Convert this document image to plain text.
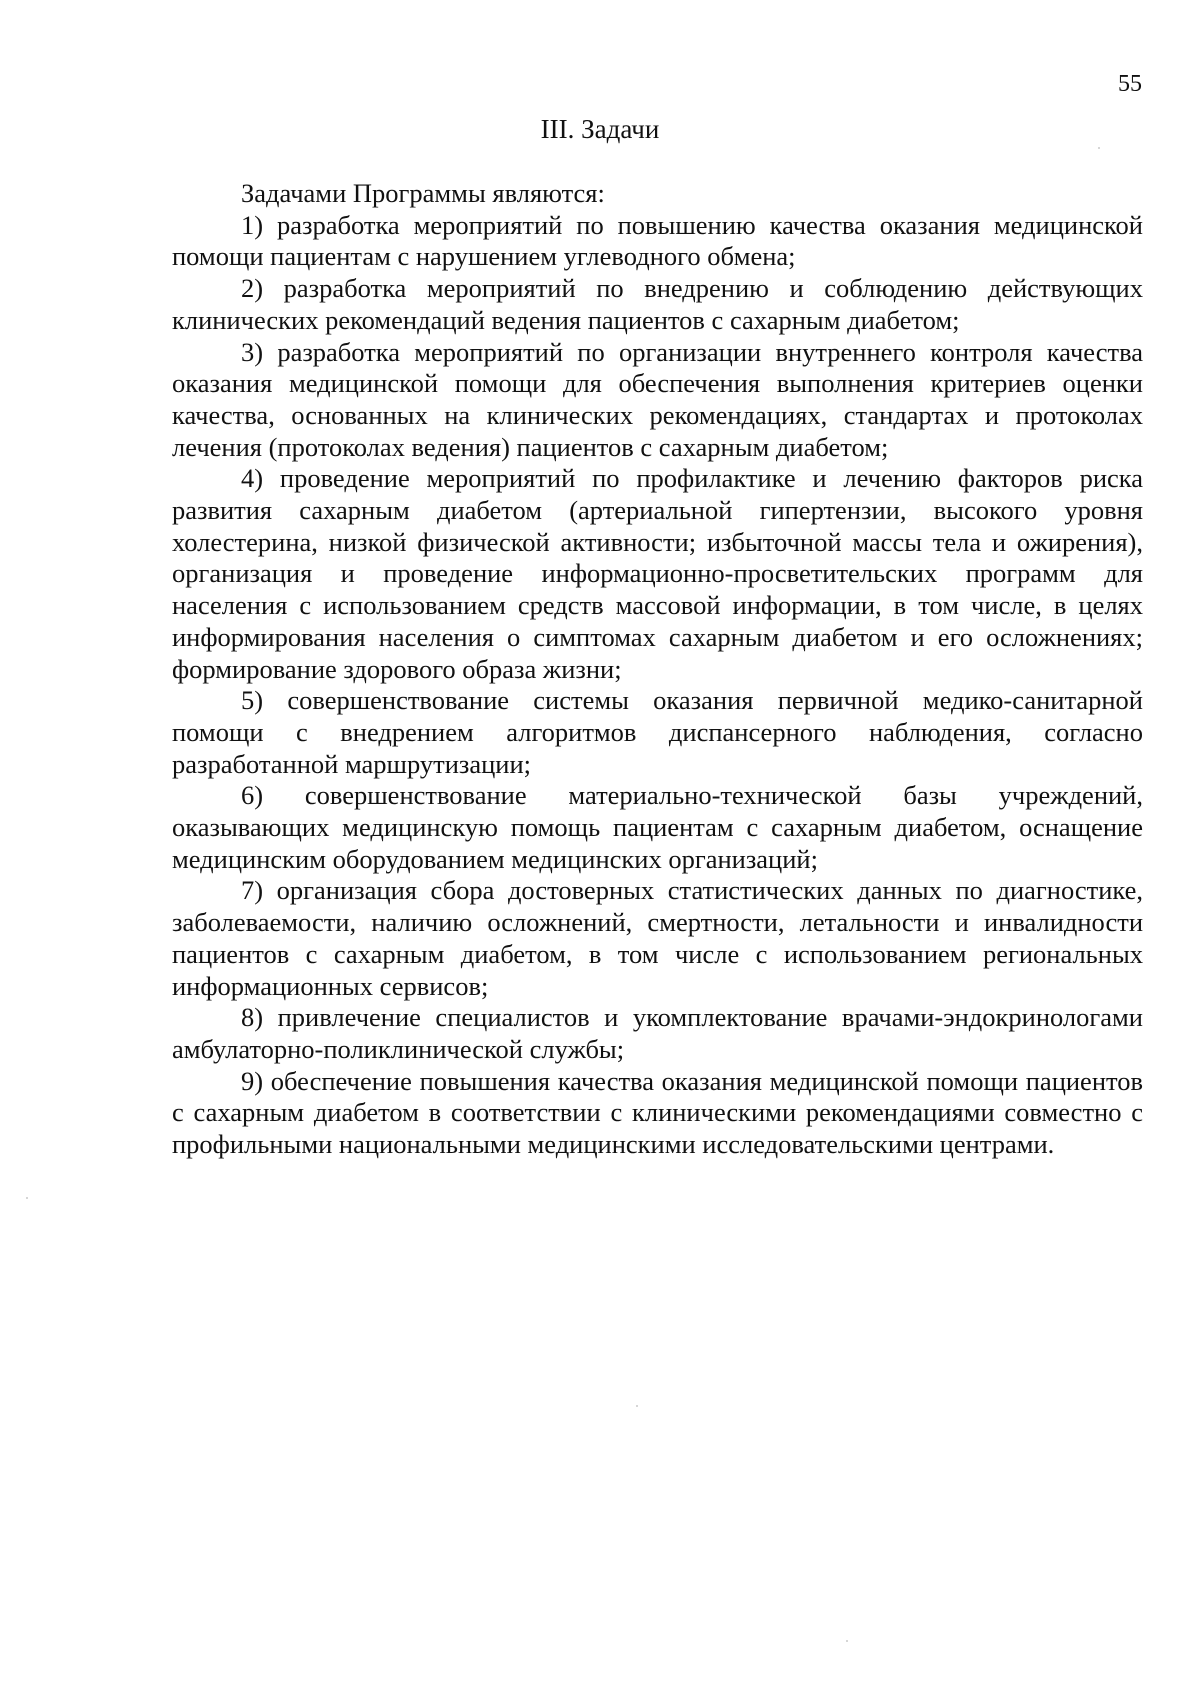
55
III. Задачи

Задачами Программы являются:

1) разработка мероприятий по повышению качества оказания медицинской помощи пациентам с нарушением углеводного обмена;

2) разработка мероприятий по внедрению и соблюдению действующих клинических рекомендаций ведения пациентов с сахарным диабетом;

3) разработка мероприятий по организации внутреннего контроля качества оказания медицинской помощи для обеспечения выполнения критериев оценки качества, основанных на клинических рекомендациях, стандартах и протоколах лечения (протоколах ведения) пациентов с сахарным диабетом;

4) проведение мероприятий по профилактике и лечению факторов риска развития сахарным диабетом (артериальной гипертензии, высокого уровня холестерина, низкой физической активности; избыточной массы тела и ожирения), организация и проведение информационно-просветительских программ для населения с использованием средств массовой информации, в том числе, в целях информирования населения о симптомах сахарным диабетом и его осложнениях; формирование здорового образа жизни;

5) совершенствование системы оказания первичной медико-санитарной помощи с внедрением алгоритмов диспансерного наблюдения, согласно разработанной маршрутизации;

6) совершенствование материально-технической базы учреждений, оказывающих медицинскую помощь пациентам с сахарным диабетом, оснащение медицинским оборудованием медицинских организаций;

7) организация сбора достоверных статистических данных по диагностике, заболеваемости, наличию осложнений, смертности, летальности и инвалидности пациентов с сахарным диабетом, в том числе с использованием региональных информационных сервисов;

8) привлечение специалистов и укомплектование врачами-эндокринологами амбулаторно-поликлинической службы;

9) обеспечение повышения качества оказания медицинской помощи пациентов с сахарным диабетом в соответствии с клиническими рекомендациями совместно с профильными национальными медицинскими исследовательскими центрами.
